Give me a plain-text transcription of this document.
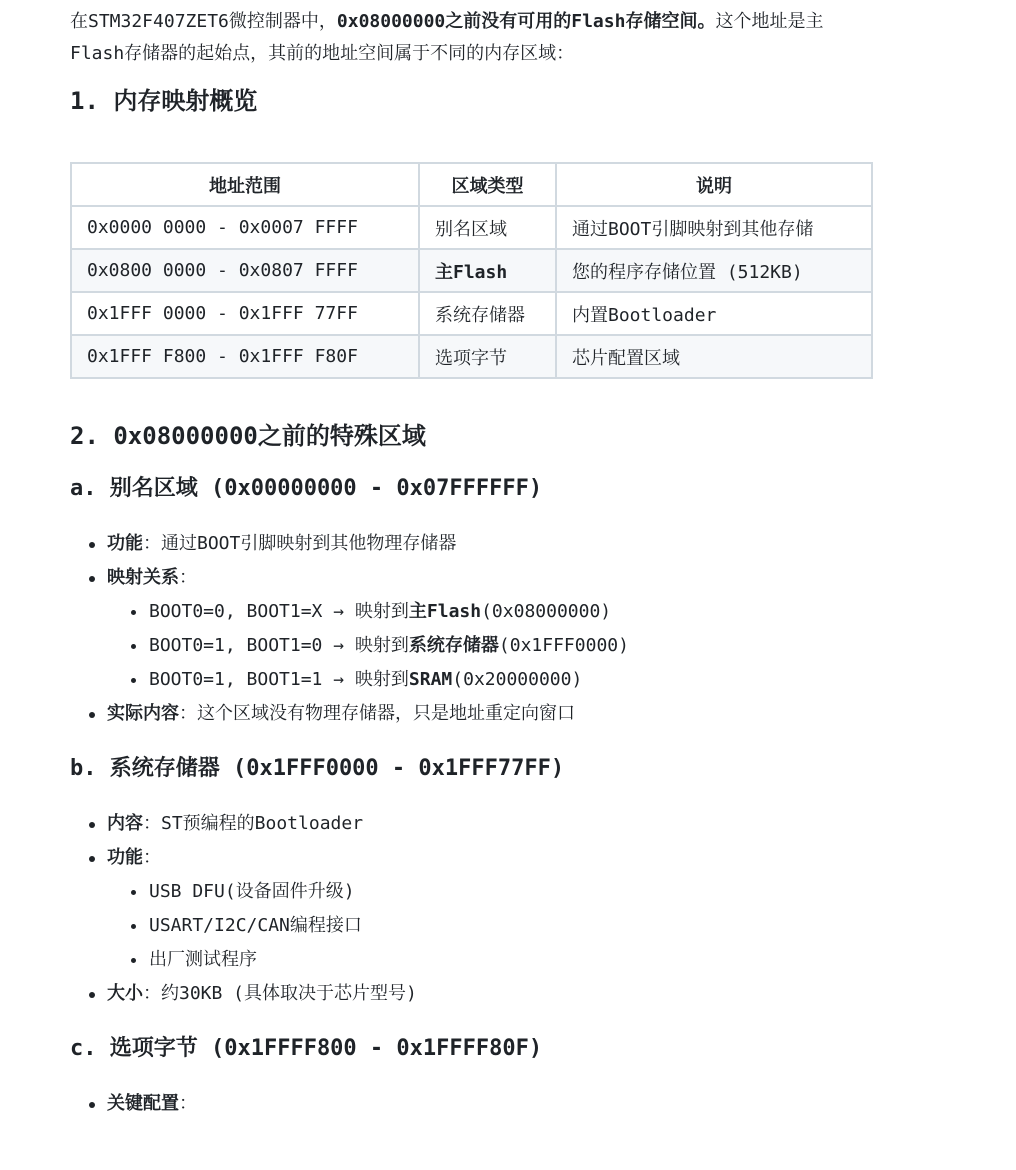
在STM32F407ZET6微控制器中，0x08000000之前没有可用的Flash存储空间。这个地址是主
Flash存储器的起始点，其前的地址空间属于不同的内存区域：

1. 内存映射概览
地址范围	区域类型	说明
0x0000 0000 - 0x0007 FFFF	别名区域	通过BOOT引脚映射到其他存储
0x0800 0000 - 0x0807 FFFF	主Flash	您的程序存储位置 (512KB)
0x1FFF 0000 - 0x1FFF 77FF	系统存储器	内置Bootloader
0x1FFF F800 - 0x1FFF F80F	选项字节	芯片配置区域
2. 0x08000000之前的特殊区域
a. 别名区域 (0x00000000 - 0x07FFFFFF)
功能：通过BOOT引脚映射到其他物理存储器
映射关系：
BOOT0=0, BOOT1=X → 映射到主Flash(0x08000000)
BOOT0=1, BOOT1=0 → 映射到系统存储器(0x1FFF0000)
BOOT0=1, BOOT1=1 → 映射到SRAM(0x20000000)
实际内容：这个区域没有物理存储器，只是地址重定向窗口
b. 系统存储器 (0x1FFF0000 - 0x1FFF77FF)
内容：ST预编程的Bootloader
功能：
USB DFU(设备固件升级)
USART/I2C/CAN编程接口
出厂测试程序
大小：约30KB (具体取决于芯片型号)
c. 选项字节 (0x1FFFF800 - 0x1FFFF80F)
关键配置：
